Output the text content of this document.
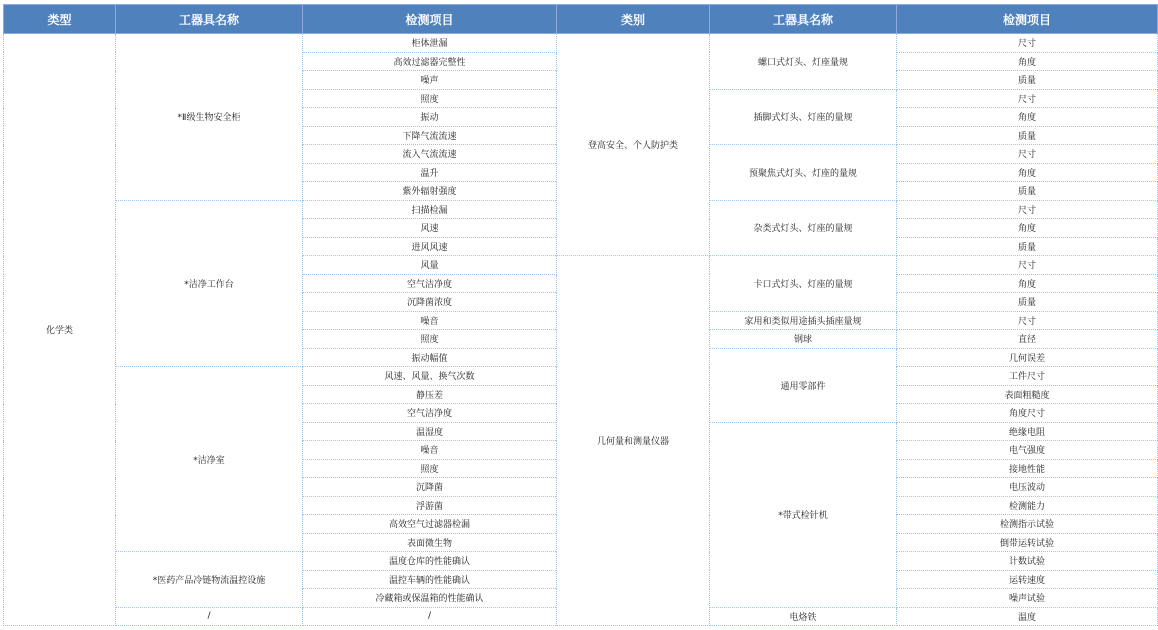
类型	工器具名称	检测项目	类别	工器具名称	检测项目
化学类	*Ⅱ级生物安全柜	柜体泄漏	登高安全、个人防护类	螺口式灯头、灯座量规	尺寸
		高效过滤器完整性			角度
		噪声			质量
		照度		插脚式灯头、灯座的量规	尺寸
		振动			角度
		下降气流流速			质量
		流入气流流速		预聚焦式灯头、灯座的量规	尺寸
		温升			角度
		紫外辐射强度			质量
	*洁净工作台	扫描检漏		杂类式灯头、灯座的量规	尺寸
		风速			角度
		进风风速			质量
		风量	几何量和测量仪器	卡口式灯头、灯座的量规	尺寸
		空气洁净度			角度
		沉降菌浓度			质量
		噪音		家用和类似用途插头插座量规	尺寸
		照度		钢球	直径
		振动幅值		通用零部件	几何误差
	*洁净室	风速、风量、换气次数			工件尺寸
		静压差			表面粗糙度
		空气洁净度			角度尺寸
		温湿度		*带式检针机	绝缘电阻
		噪音			电气强度
		照度			接地性能
		沉降菌			电压波动
		浮游菌			检测能力
		高效空气过滤器检漏			检测指示试验
		表面微生物			倒带运转试验
	*医药产品冷链物流温控设施	温度仓库的性能确认			计数试验
		温控车辆的性能确认			运转速度
		冷藏箱或保温箱的性能确认			噪声试验
	/	/		电烙铁	温度
